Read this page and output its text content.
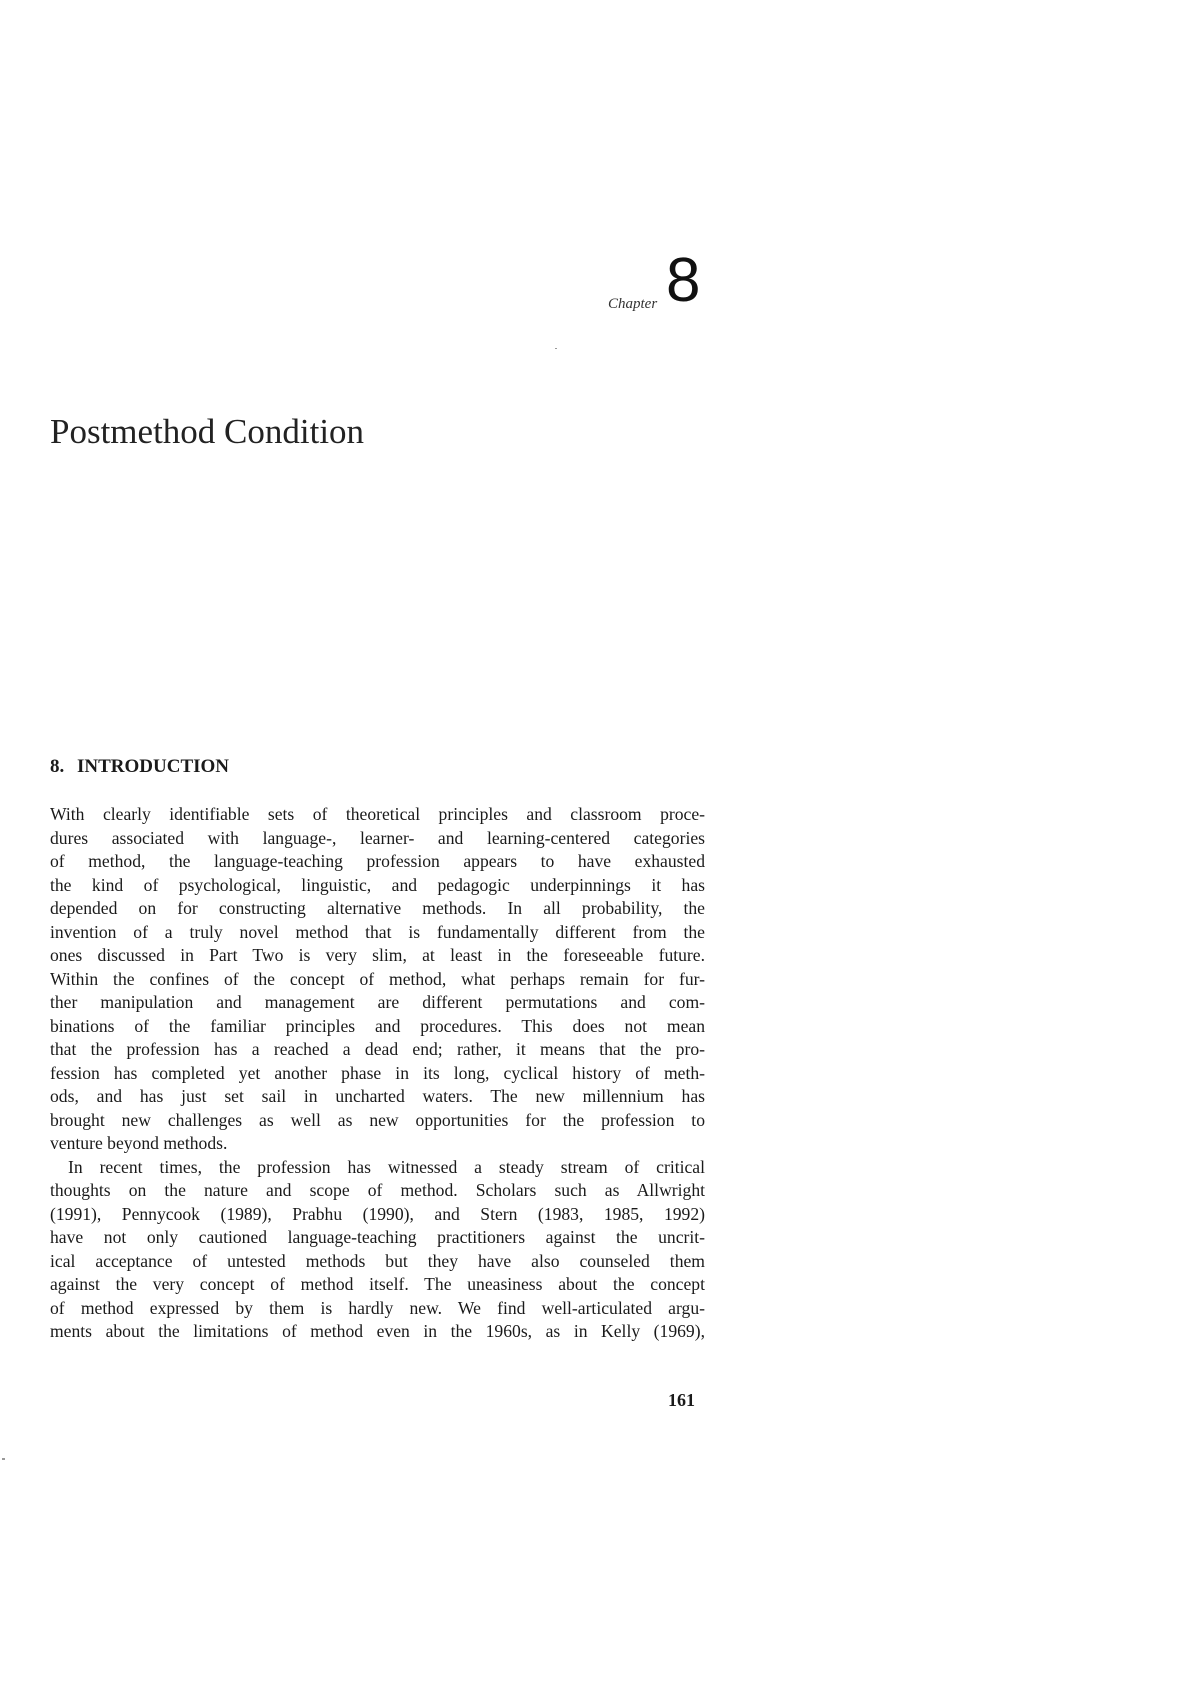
Chapter 8
Postmethod Condition
8. INTRODUCTION
With clearly identifiable sets of theoretical principles and classroom proce-
dures associated with language-, learner- and learning-centered categories
of method, the language-teaching profession appears to have exhausted
the kind of psychological, linguistic, and pedagogic underpinnings it has
depended on for constructing alternative methods. In all probability, the
invention of a truly novel method that is fundamentally different from the
ones discussed in Part Two is very slim, at least in the foreseeable future.
Within the confines of the concept of method, what perhaps remain for fur-
ther manipulation and management are different permutations and com-
binations of the familiar principles and procedures. This does not mean
that the profession has a reached a dead end; rather, it means that the pro-
fession has completed yet another phase in its long, cyclical history of meth-
ods, and has just set sail in uncharted waters. The new millennium has
brought new challenges as well as new opportunities for the profession to
venture beyond methods.
In recent times, the profession has witnessed a steady stream of critical
thoughts on the nature and scope of method. Scholars such as Allwright
(1991), Pennycook (1989), Prabhu (1990), and Stern (1983, 1985, 1992)
have not only cautioned language-teaching practitioners against the uncrit-
ical acceptance of untested methods but they have also counseled them
against the very concept of method itself. The uneasiness about the concept
of method expressed by them is hardly new. We find well-articulated argu-
ments about the limitations of method even in the 1960s, as in Kelly (1969),
161
